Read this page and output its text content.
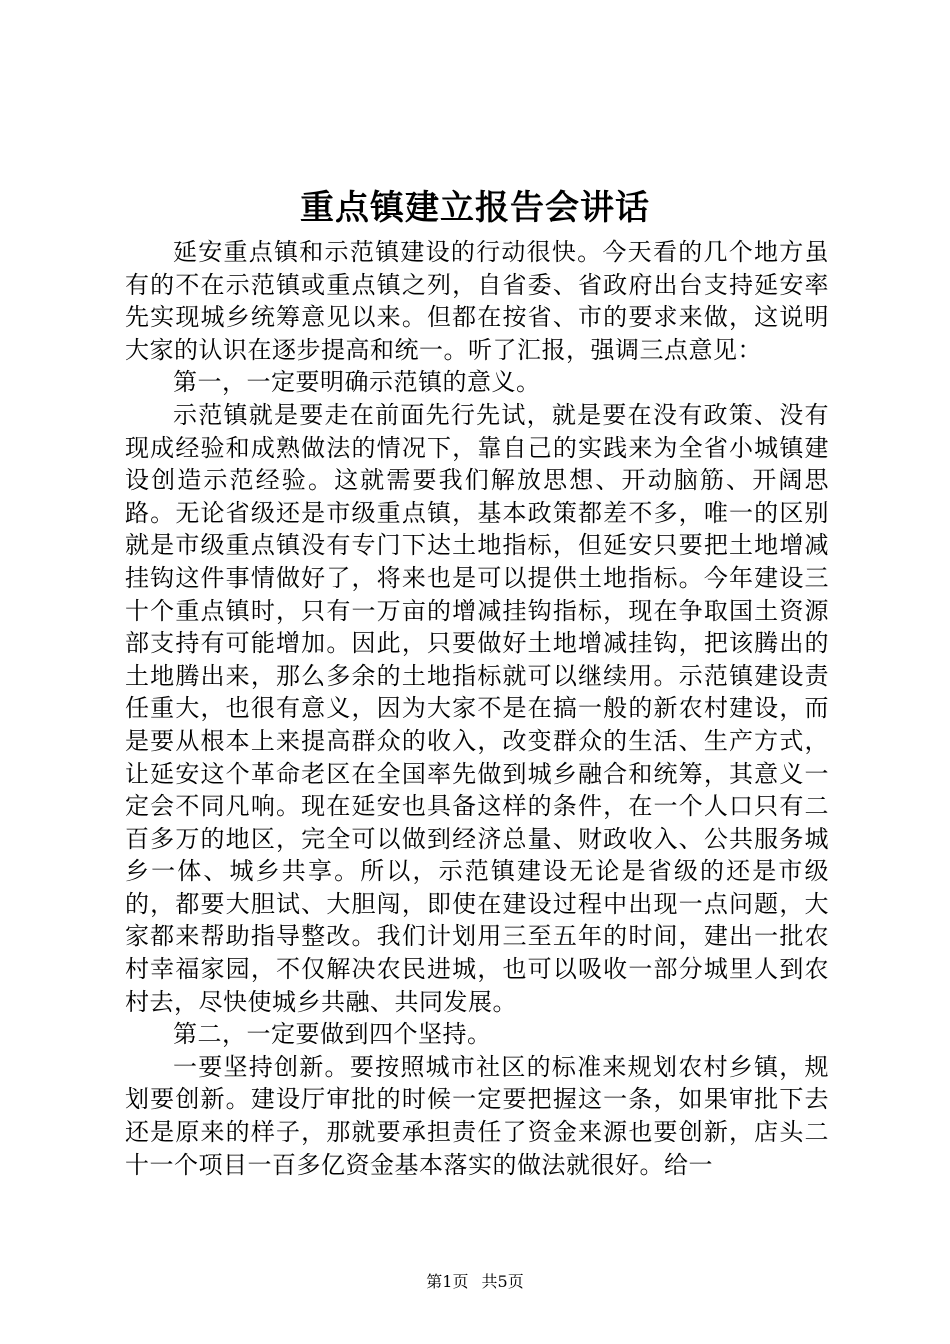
重点镇建立报告会讲话

延安重点镇和示范镇建设的行动很快。今天看的几个地方虽有的不在示范镇或重点镇之列，自省委、省政府出台支持延安率先实现城乡统筹意见以来。但都在按省、市的要求来做，这说明大家的认识在逐步提高和统一。听了汇报，强调三点意见：

第一，一定要明确示范镇的意义。

示范镇就是要走在前面先行先试，就是要在没有政策、没有现成经验和成熟做法的情况下，靠自己的实践来为全省小城镇建设创造示范经验。这就需要我们解放思想、开动脑筋、开阔思路。无论省级还是市级重点镇，基本政策都差不多，唯一的区别就是市级重点镇没有专门下达土地指标，但延安只要把土地增减挂钩这件事情做好了，将来也是可以提供土地指标。今年建设三十个重点镇时，只有一万亩的增减挂钩指标，现在争取国土资源部支持有可能增加。因此，只要做好土地增减挂钩，把该腾出的土地腾出来，那么多余的土地指标就可以继续用。示范镇建设责任重大，也很有意义，因为大家不是在搞一般的新农村建设，而是要从根本上来提高群众的收入，改变群众的生活、生产方式，让延安这个革命老区在全国率先做到城乡融合和统筹，其意义一定会不同凡响。现在延安也具备这样的条件，在一个人口只有二百多万的地区，完全可以做到经济总量、财政收入、公共服务城乡一体、城乡共享。所以，示范镇建设无论是省级的还是市级的，都要大胆试、大胆闯，即使在建设过程中出现一点问题，大家都来帮助指导整改。我们计划用三至五年的时间，建出一批农村幸福家园，不仅解决农民进城，也可以吸收一部分城里人到农村去，尽快使城乡共融、共同发展。

第二，一定要做到四个坚持。

一要坚持创新。要按照城市社区的标准来规划农村乡镇，规划要创新。建设厅审批的时候一定要把握这一条，如果审批下去还是原来的样子，那就要承担责任了资金来源也要创新，店头二十一个项目一百多亿资金基本落实的做法就很好。给一

第1页 共5页
